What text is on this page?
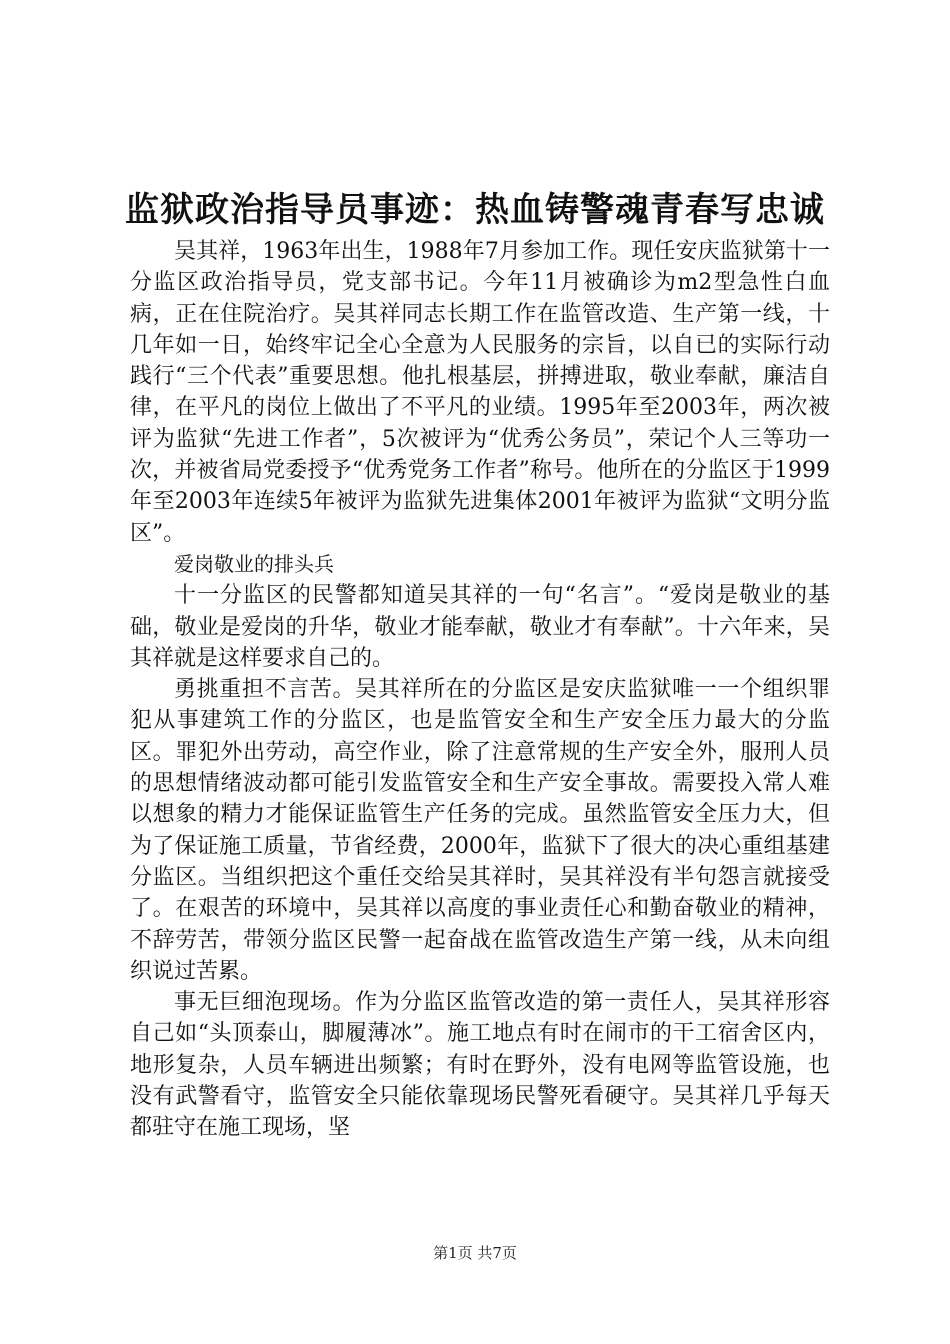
监狱政治指导员事迹：热血铸警魂青春写忠诚

吴其祥，1963年出生，1988年7月参加工作。现任安庆监狱第十一分监区政治指导员，党支部书记。今年11月被确诊为m2型急性白血病，正在住院治疗。吴其祥同志长期工作在监管改造、生产第一线，十几年如一日，始终牢记全心全意为人民服务的宗旨，以自已的实际行动践行“三个代表”重要思想。他扎根基层，拼搏进取，敬业奉献，廉洁自律，在平凡的岗位上做出了不平凡的业绩。1995年至2003年，两次被评为监狱“先进工作者”，5次被评为“优秀公务员”，荣记个人三等功一次，并被省局党委授予“优秀党务工作者”称号。他所在的分监区于1999年至2003年连续5年被评为监狱先进集体2001年被评为监狱“文明分监区”。

爱岗敬业的排头兵

十一分监区的民警都知道吴其祥的一句“名言”。“爱岗是敬业的基础，敬业是爱岗的升华，敬业才能奉献，敬业才有奉献”。十六年来，吴其祥就是这样要求自己的。

勇挑重担不言苦。吴其祥所在的分监区是安庆监狱唯一一个组织罪犯从事建筑工作的分监区，也是监管安全和生产安全压力最大的分监区。罪犯外出劳动，高空作业，除了注意常规的生产安全外，服刑人员的思想情绪波动都可能引发监管安全和生产安全事故。需要投入常人难以想象的精力才能保证监管生产任务的完成。虽然监管安全压力大，但为了保证施工质量，节省经费，2000年，监狱下了很大的决心重组基建分监区。当组织把这个重任交给吴其祥时，吴其祥没有半句怨言就接受了。在艰苦的环境中，吴其祥以高度的事业责任心和勤奋敬业的精神，不辞劳苦，带领分监区民警一起奋战在监管改造生产第一线，从未向组织说过苦累。

事无巨细泡现场。作为分监区监管改造的第一责任人，吴其祥形容自己如“头顶泰山，脚履薄冰”。施工地点有时在闹市的干工宿舍区内，地形复杂，人员车辆进出频繁；有时在野外，没有电网等监管设施，也没有武警看守，监管安全只能依靠现场民警死看硬守。吴其祥几乎每天都驻守在施工现场，坚

第1页 共7页
